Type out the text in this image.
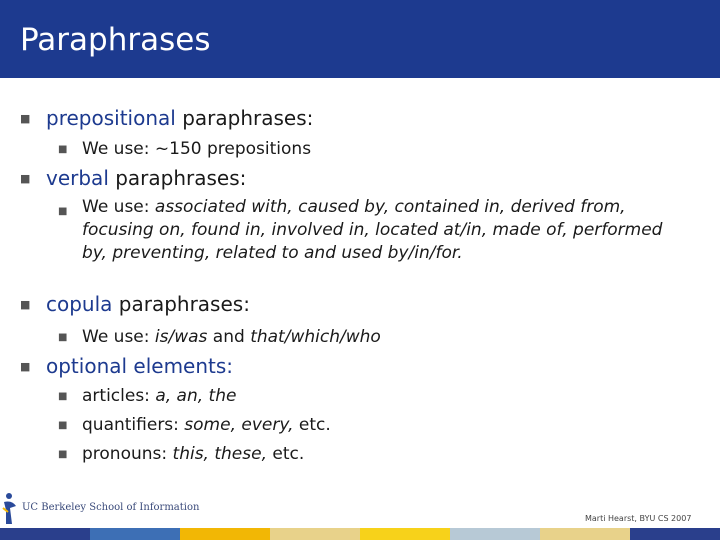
Paraphrases
■ prepositional paraphrases:
■ We use: ~150 prepositions
■ verbal paraphrases:
■ We use: associated with, caused by, contained in, derived from, focusing on, found in, involved in, located at/in, made of, performed by, preventing, related to and used by/in/for.
■ copula paraphrases:
■ We use: is/was and that/which/who
■ optional elements:
■ articles: a, an, the
■ quantifiers: some, every, etc.
■ pronouns: this, these, etc.
UC Berkeley School of Information
Marti Hearst, BYU CS 2007
